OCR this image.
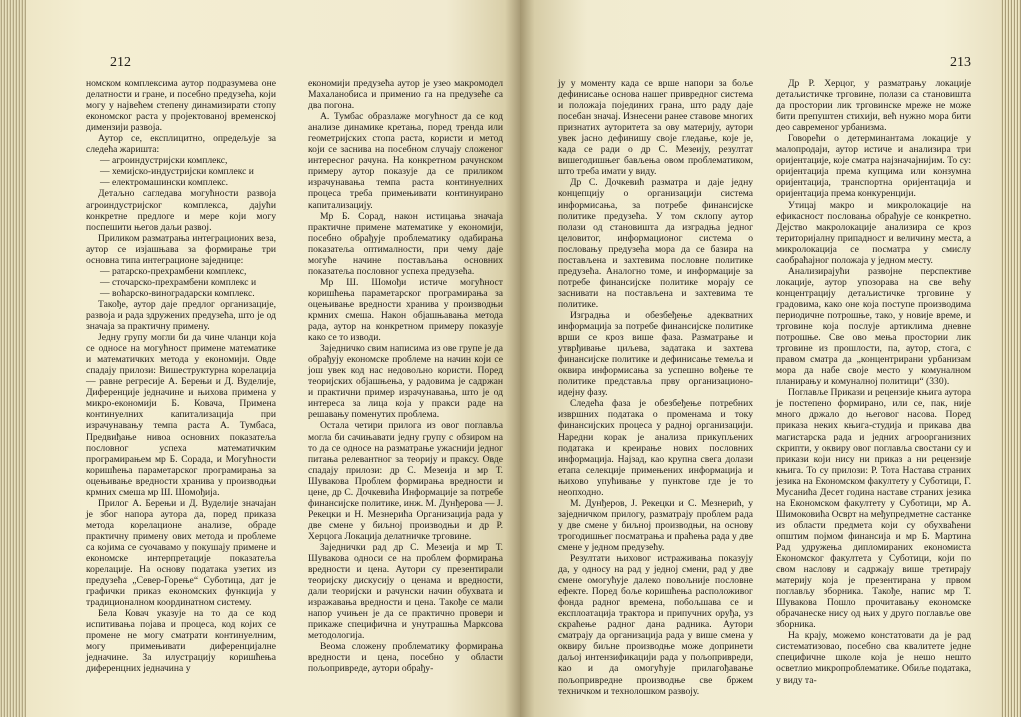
212

номском комплексима аутор подразумева оне делатности и гране, и посебно предузећа, који могу у највећем степену динамизирати стопу економског раста у пројектованој временској димензији развоја.

Аутор се, експлицитно, опредељује за следећа жаришта:

— агроиндустријски комплекс,

— хемијско-индустријски комплекс и

— електромашински комплекс.

Детаљно сагледава могућности развоја агроиндустријског комплекса, дајући конкретне предлоге и мере који могу поспешити његов даљи развој.

Приликом разматрања интеграционих веза, аутор се изјашњава за формирање три основна типа интеграционе заједнице:

— ратарско-прехрамбени комплекс,

— сточарско-прехрамбени комплекс и

— воћарско-виноградарски комплекс.

Такође, аутор даје предлог организације, развоја и рада здружених предузећа, што је од значаја за практичну примену.

Једну групу могли би да чине чланци која се односе на могућност примене математике и математичких метода у економији. Овде спадају прилози: Вишеструктурна корелација — равне регресије А. Берењи и Д. Вуделије, Диференције једначине и њихова примена у микро-економији Б. Ковача, Примена континуелних капитализација при израчунавању темпа раста А. Тумбаса, Предвиђање нивоа основних показатеља пословног успеха математичким програмирањем мр Б. Сорада, и Могућности коришћења параметарског програмирања за оцењивање вредности хранива у производњи крмних смеша мр Ш. Шомођија.

Прилог А. Берењи и Д. Вуделије значајан је због напора аутора да, поред приказа метода корелационе анализе, обраде практичну примену ових метода и проблеме са којима се суочавамо у покушају примене и економске интерпретације показатеља корелације. На основу података узетих из предузећа „Север-Горење“ Суботица, дат је графички приказ економских функција у традиционалном координатном систему.

Бела Ковач указује на то да се код испитивања појава и процеса, код којих се промене не могу сматрати континуелним, могу примењивати диференцијалне једначине. За илустрацију коришћења диференцних једначина у

економији предузећа аутор је узео макромодел Махаланобиса и применио га на предузеће са два погона.

А. Тумбас образлаже могућност да се код анализе динамике кретања, поред тренда или геометријских стопа раста, користи и метод који се заснива на посебном случају сложеног интересног рачуна. На конкретном рачунском примеру аутор показује да се приликом израчунавања темпа раста континуелних процеса треба примењивати континуирано капитализацију.

Мр Б. Сорад, након истицања значаја практичне примене математике у економији, посебно обрађује проблематику одабирања показатеља оптималности, при чему даје могуће начине постављања основних показатеља пословног успеха предузећа.

Мр Ш. Шомођи истиче могућност коришћења параметарског програмирања за оцењивање вредности хранива у производњи крмних смеша. Након објашњавања метода рада, аутор на конкретном примеру показује како се то изводи.

Заједничко свим написима из ове групе је да обрађују економске проблеме на начин који се још увек код нас недовољно користи. Поред теоријских објашњења, у радовима је садржан и практични пример израчунавања, што је од интереса за лица која у пракси раде на решавању поменутих проблема.

Остала четири прилога из овог поглавља могла би сачињавати једну групу с обзиром на то да се односе на разматрање ужаснији једног питања релевантног за теорију и праксу. Овде спадају прилози: др С. Мезеија и мр Т. Шуваковa Проблем формирања вредности и цене, др С. Дочкевића Информације за потребе финансијске политике, инж. М. Дунђерова — Ј. Рекецки и Н. Мезнерића Организација рада у две смене у биљној производњи и др Р. Херцога Локација делатничке трговине.

Заједнички рад др С. Мезеија и мр Т. Шуваковa односи се на проблем формирања вредности и цена. Аутори су презентирали теоријску дискусију о ценама и вредности, дали теоријски и рачунски начин обухвата и изражавања вредности и цена. Такође се мали напор учињен је да се практично провери и прикаже специфична и унутрашња Марксова методологија.

Веома сложену проблематику формирања вредности и цена, посебно у области пољопривреде, аутори обрађу-

213

ју у моменту када се врше напори за боље дефинисање основа нашег привредног система и положаја појединих грана, што раду даје посебан значај. Изнесени ранее ставове многих признатих ауторитета за ову материју, аутори увек јасно дефинишу своје гледање, које је, када се ради о др С. Мезеију, резултат вишегодишњег бављења овом проблематиком, што треба имати у виду.

Др С. Дочкевић разматра и даје једну концепцију о организацији система информисања, за потребе финансијске политике предузећа. У том склопу аутор полази од становишта да изградња једног целовитог, информационог система о пословању предузећа мора да се базира на постављена и захтевима пословне политике предузећа. Аналогно томе, и информације за потребе финансијске политике морају се заснивати на постављена и захтевима те политике.

Изградња и обезбеђење адекватних информација за потребе финансијске политике врши се кроз више фаза. Разматрање и утврђивање циљева, задатака и захтева финансијске политике и дефинисање темеља и оквира информисања за успешно вођење те политике представља прву организационо-идејну фазу.

Следећа фаза је обезбеђење потребних извршних података о променама и току финансијских процеса у радној организацији. Наредни корак је анализа прикупљених података и креирање нових пословних информација. Најзад, као крупна свега долази етапа селекције примењених информација и њихово упућивање у пунктове где је то неопходно.

М. Дунђеров, Ј. Рекецки и С. Мезнерић, у заједничком прилогу, разматрају проблем рада у две смене у биљној производњи, на основу трогодишњег посматрања и праћења рада у две смене у једном предузећу.

Резултати њиховог истраживања показују да, у односу на рад у једној смени, рад у две смене омогућује далеко повољније пословне ефекте. Поред боље коришћења расположивог фонда радног времена, побољшава се и експлоатација тракторa и припучних оруђа, уз скраћење радног дана радника. Аутори сматрају да организација рада у више смена у оквиру биљне производње може допринети даљој интензификацији рада у пољопривреди, као и да омогућује прилагођавање пољопривредне производње све бржем техничком и технолошком развоју.

Др Р. Херцог, у разматрању локације детаљистичке трговине, полази са становишта да простории лик трговинске мреже не може бити препуштен стихији, већ нужно мора бити део савременог урбанизма.

Говорећи о детерминантама локације у малопродаји, аутор истиче и анализира три оријентације, које сматра најзначајнијим. То су: оријентација према купцима или конзумна оријентација, транспортна оријентација и оријентација према конкуренцији.

Утицај макро и микролокације на ефикасност пословања обрађује се конкретно. Дејство макролокације анализира се кроз територијалну припадност и величину места, а микролокација се посматра у смислу саобраћајног положаја у једном месту.

Анализирајући развојне перспективе локације, аутор упозорава на све већу концентрацију детаљистичке трговине у градовима, како оне која поступе производима периодичне потрошње, тако, у новије време, и трговине која послује артиклима дневне потрошње. Све ово мења простории лик трговине из прошлости, па, аутор, стога, с правом сматра да „концентрирани урбанизам мора да набе своје место у комуналном планирању и комуналној политици“ (330).

Поглавље Прикази и рецензије књига аутора је постепено формирано, или се, пак, није много држало до његовог насова. Поред приказа неких књига-студија и прикава два магистарска рада и једних агроорганизних скрипти, у оквиру овог поглавља свостани су и прикази који нису ни приказ а ни рецензије књига. То су прилози: Р. Тота Настава страних језика на Економском факултету у Суботици, Г. Мусанића Десет година наставе страних језика на Економском факултету у Суботици, мр А. Шимоковића Осврт на међупредметне састанке из области предмета који су обухваћени општим појмом финансија и мр Б. Мартина Рад удружења дипломираних економиста Економског факултета у Суботици, који по свом наслову и садржају више третирају материју која је презентирана у првом поглављу зборника. Такође, напис мр Т. Шуваковa Пошло прочитавању економске обрачанеске нису од њих у друго поглавље ове зборника.

На крају, можемо констатовати да је рад систематизовао, посебно сва квалитете једне специфичне школе која је нешо нешто осветлио микропроблематике. Обиље података, у виду та-
